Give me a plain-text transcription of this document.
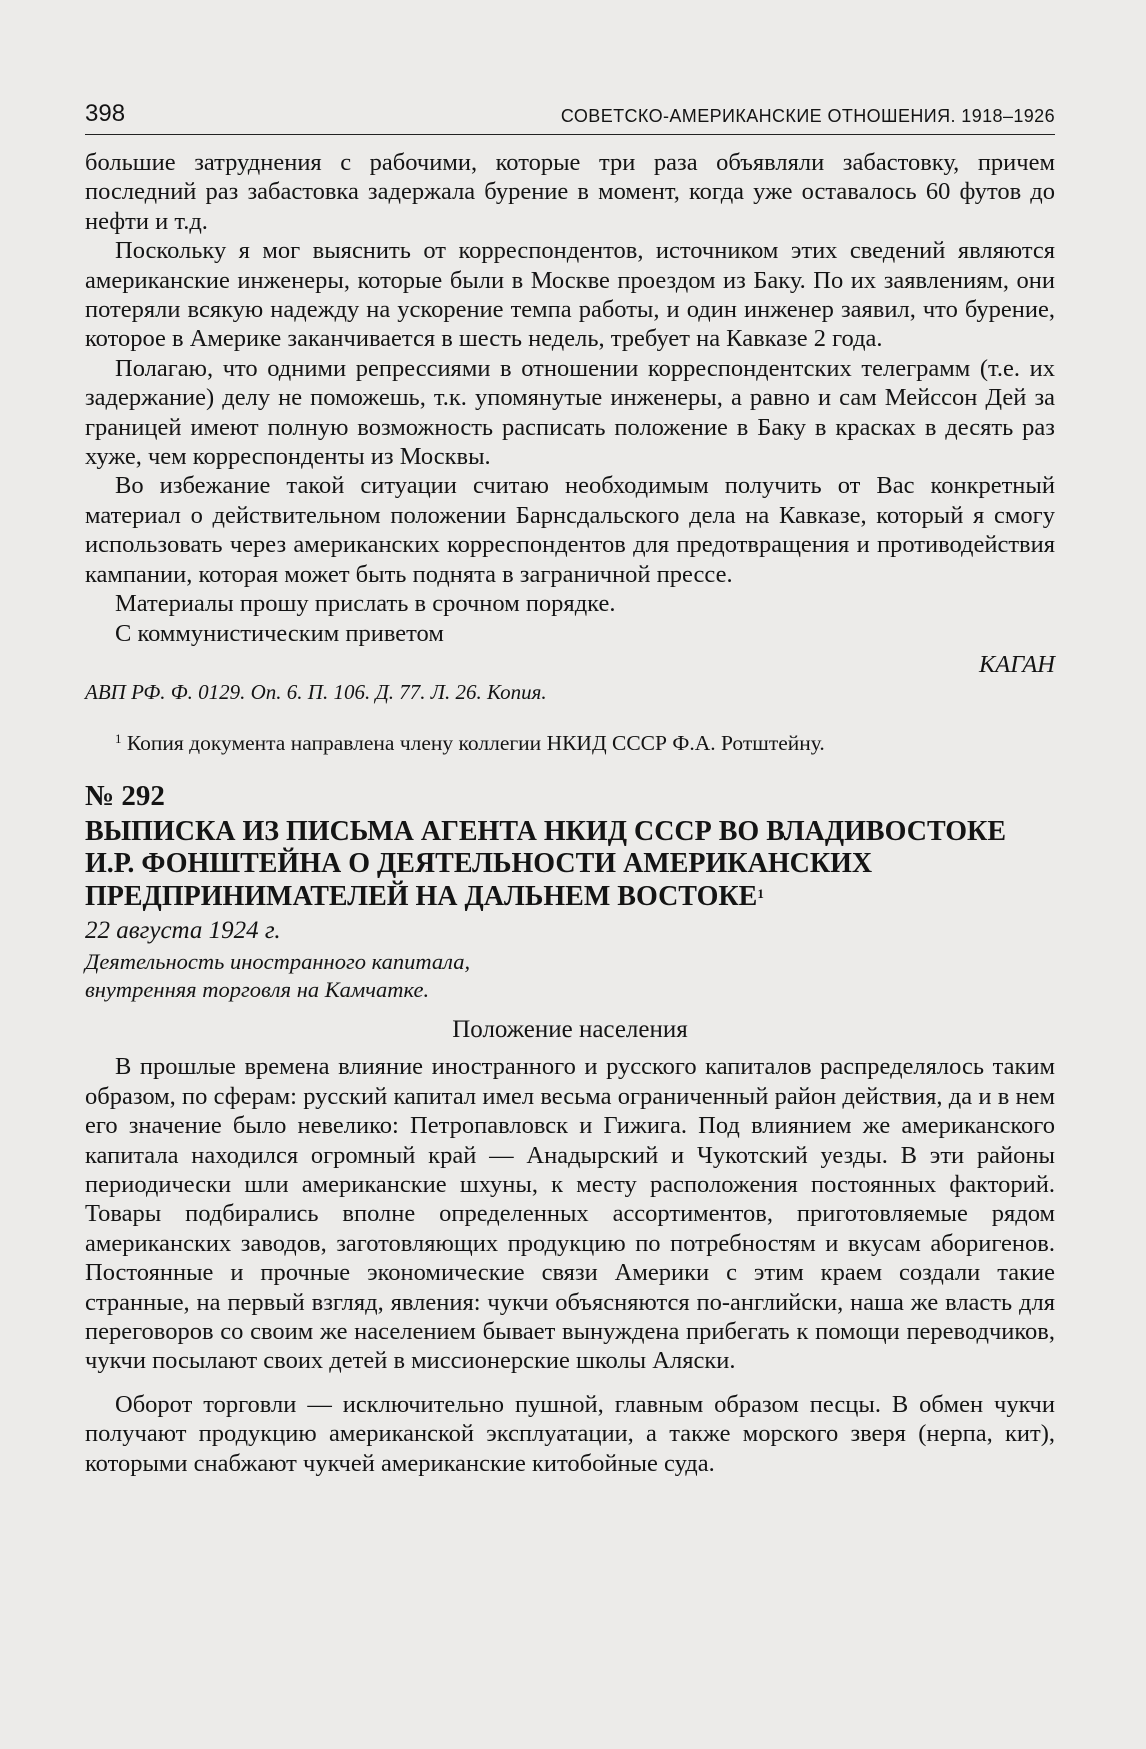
398	СОВЕТСКО-АМЕРИКАНСКИЕ ОТНОШЕНИЯ. 1918–1926

большие затруднения с рабочими, которые три раза объявляли забастовку, причем последний раз забастовка задержала бурение в момент, когда уже оставалось 60 футов до нефти и т.д.

Поскольку я мог выяснить от корреспондентов, источником этих сведений являются американские инженеры, которые были в Москве проездом из Баку. По их заявлениям, они потеряли всякую надежду на ускорение темпа работы, и один инженер заявил, что бурение, которое в Америке заканчивается в шесть недель, требует на Кавказе 2 года.

Полагаю, что одними репрессиями в отношении корреспондентских телеграмм (т.е. их задержание) делу не поможешь, т.к. упомянутые инженеры, а равно и сам Мейссон Дей за границей имеют полную возможность расписать положение в Баку в красках в десять раз хуже, чем корреспонденты из Москвы.

Во избежание такой ситуации считаю необходимым получить от Вас конкретный материал о действительном положении Барнсдальского дела на Кавказе, который я смогу использовать через американских корреспондентов для предотвращения и противодействия кампании, которая может быть поднята в заграничной прессе.

Материалы прошу прислать в срочном порядке.

С коммунистическим приветом

КАГАН
АВП РФ. Ф. 0129. Оп. 6. П. 106. Д. 77. Л. 26. Копия.
$^1$ Копия документа направлена члену коллегии НКИД СССР Ф.А. Ротштейну.
№ 292
ВЫПИСКА ИЗ ПИСЬМА АГЕНТА НКИД СССР ВО ВЛАДИВОСТОКЕ И.Р. ФОНШТЕЙНА О ДЕЯТЕЛЬНОСТИ АМЕРИКАНСКИХ ПРЕДПРИНИМАТЕЛЕЙ НА ДАЛЬНЕМ ВОСТОКЕ$^1$
22 августа 1924 г.
Деятельность иностранного капитала, внутренняя торговля на Камчатке.
Положение населения

В прошлые времена влияние иностранного и русского капиталов распределялось таким образом, по сферам: русский капитал имел весьма ограниченный район действия, да и в нем его значение было невелико: Петропавловск и Гижига. Под влиянием же американского капитала находился огромный край — Анадырский и Чукотский уезды. В эти районы периодически шли американские шхуны, к месту расположения постоянных факторий. Товары подбирались вполне определенных ассортиментов, приготовляемые рядом американских заводов, заготовляющих продукцию по потребностям и вкусам аборигенов. Постоянные и прочные экономические связи Америки с этим краем создали такие странные, на первый взгляд, явления: чукчи объясняются по-английски, наша же власть для переговоров со своим же населением бывает вынуждена прибегать к помощи переводчиков, чукчи посылают своих детей в миссионерские школы Аляски.

Оборот торговли — исключительно пушной, главным образом песцы. В обмен чукчи получают продукцию американской эксплуатации, а также морского зверя (нерпа, кит), которыми снабжают чукчей американские китобойные суда.
